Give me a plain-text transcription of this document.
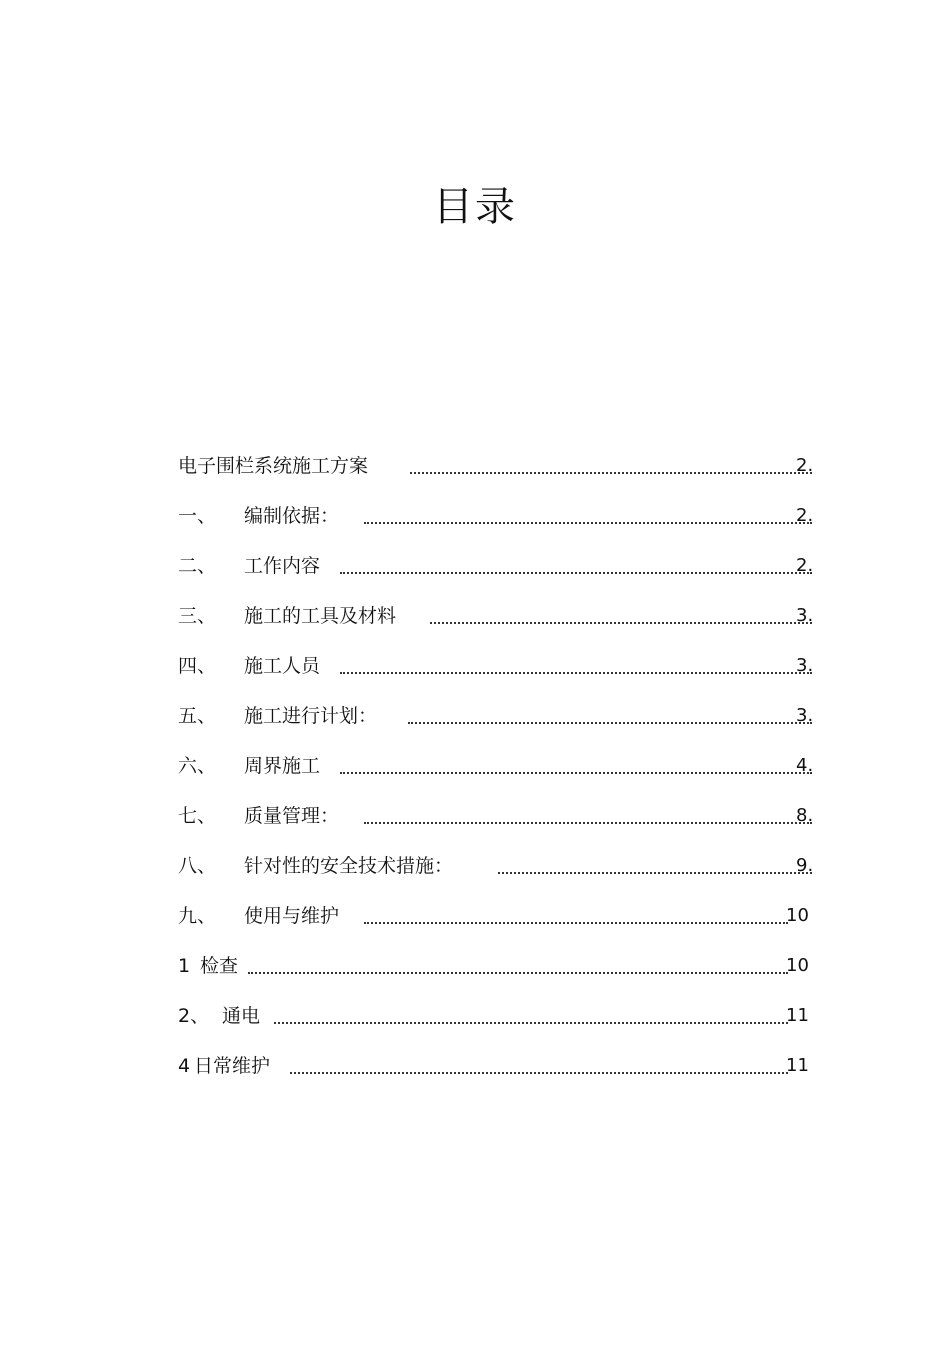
目录
电子围栏系统施工方案	2.
一、 编制依据：	2.
二、 工作内容	2.
三、 施工的工具及材料	3.
四、 施工人员	3.
五、 施工进行计划：	3.
六、 周界施工	4.
七、 质量管理：	8.
八、 针对性的安全技术措施：	9.
九、 使用与维护	10
1 检查	10
2、 通电	11
4 日常维护	11
